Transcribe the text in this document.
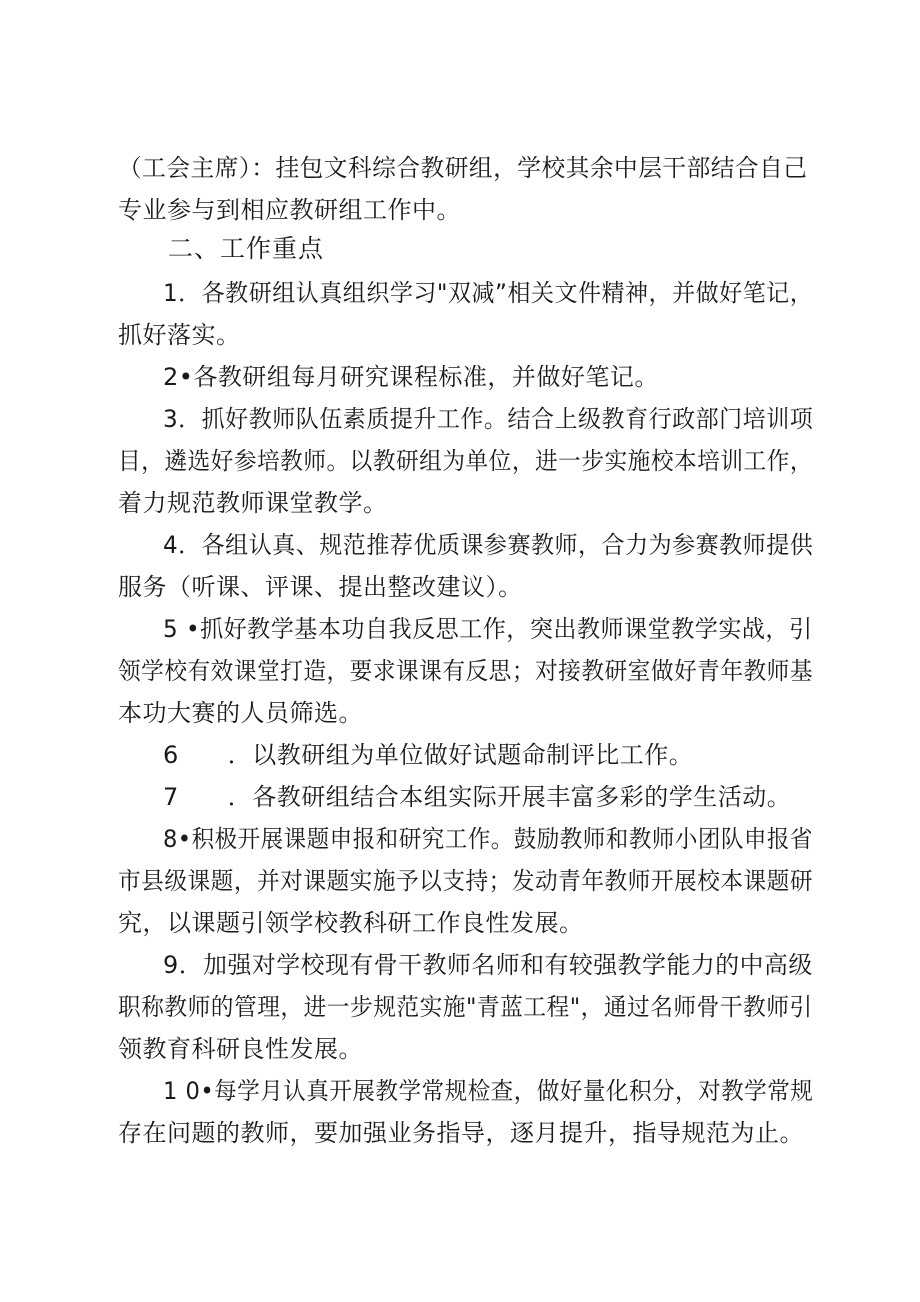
（工会主席）：挂包文科综合教研组，学校其余中层干部结合自己
专业参与到相应教研组工作中。
二、工作重点
1．各教研组认真组织学习"双减”相关文件精神，并做好笔记，
抓好落实。
2•各教研组每月研究课程标准，并做好笔记。
3．抓好教师队伍素质提升工作。结合上级教育行政部门培训项
目，遴选好参培教师。以教研组为单位，进一步实施校本培训工作，
着力规范教师课堂教学。
4．各组认真、规范推荐优质课参赛教师，合力为参赛教师提供
服务（听课、评课、提出整改建议）。
5 •抓好教学基本功自我反思工作，突出教师课堂教学实战，引
领学校有效课堂打造，要求课课有反思；对接教研室做好青年教师基
本功大赛的人员筛选。
6　　．以教研组为单位做好试题命制评比工作。
7　　．各教研组结合本组实际开展丰富多彩的学生活动。
8•积极开展课题申报和研究工作。鼓励教师和教师小团队申报省
市县级课题，并对课题实施予以支持；发动青年教师开展校本课题研
究，以课题引领学校教科研工作良性发展。
9．加强对学校现有骨干教师名师和有较强教学能力的中高级
职称教师的管理，进一步规范实施"青蓝工程"，通过名师骨干教师引
领教育科研良性发展。
1 0•每学月认真开展教学常规检查，做好量化积分，对教学常规
存在问题的教师，要加强业务指导，逐月提升，指导规范为止。
